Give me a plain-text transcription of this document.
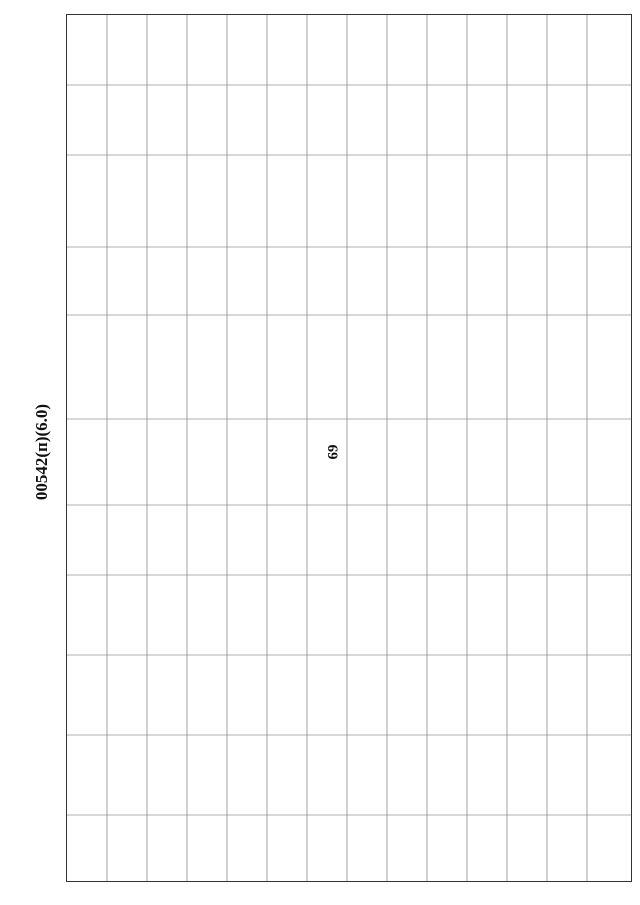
69
00542(п)(6.0)
